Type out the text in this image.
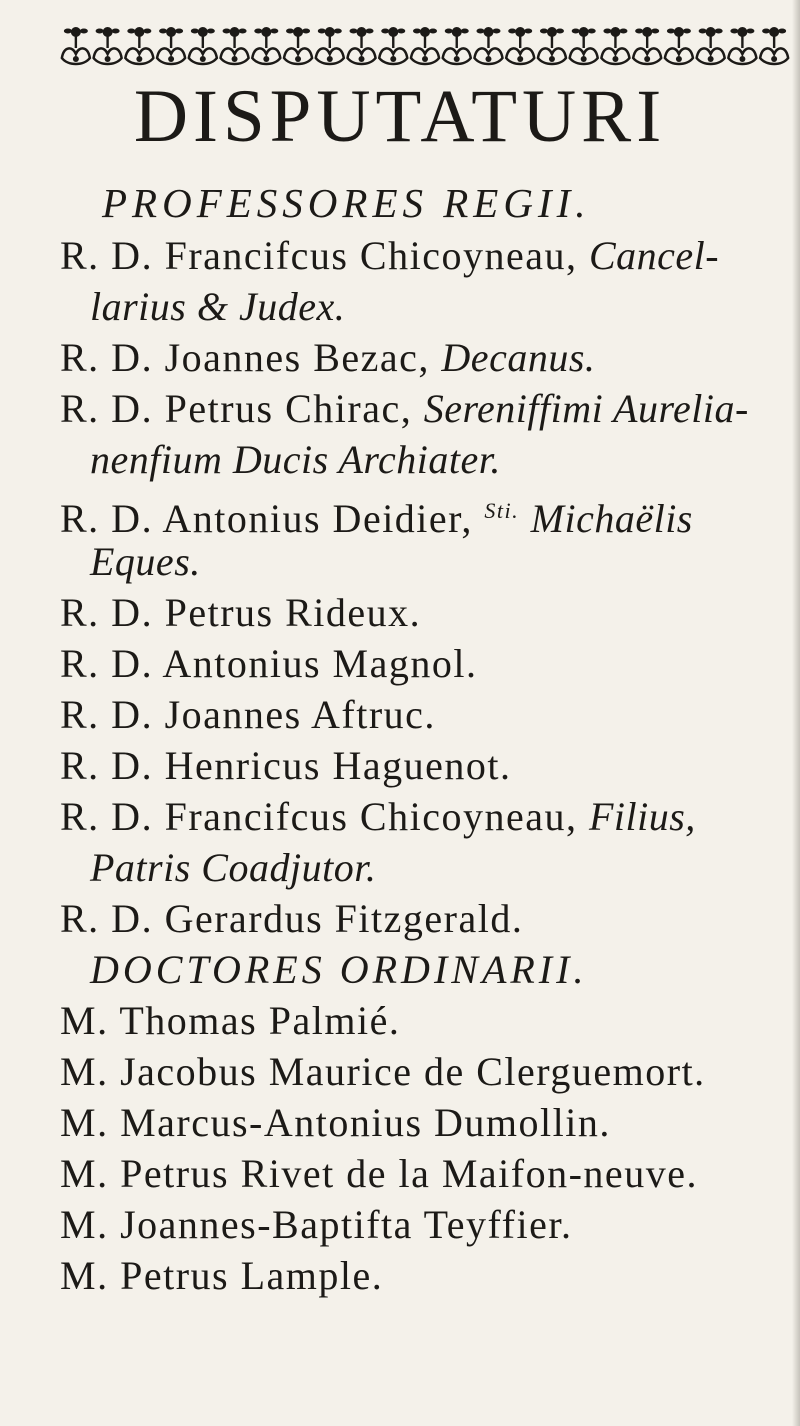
DISPUTATURI
PROFESSORES REGII.
R. D. Francifcus Chicoyneau, Cancel-
larius & Judex.
R. D. Joannes Bezac, Decanus.
R. D. Petrus Chirac, Sereniffimi Aurelia-
nenfium Ducis Archiater.
R. D. Antonius Deidier, $^{Sti.}$ Michaëlis
Eques.
R. D. Petrus Rideux.
R. D. Antonius Magnol.
R. D. Joannes Aftruc.
R. D. Henricus Haguenot.
R. D. Francifcus Chicoyneau, Filius,
Patris Coadjutor.
R. D. Gerardus Fitzgerald.
DOCTORES ORDINARII.
M. Thomas Palmié.
M. Jacobus Maurice de Clerguemort.
M. Marcus-Antonius Dumollin.
M. Petrus Rivet de la Maifon-neuve.
M. Joannes-Baptifta Teyffier.
M. Petrus Lample.
